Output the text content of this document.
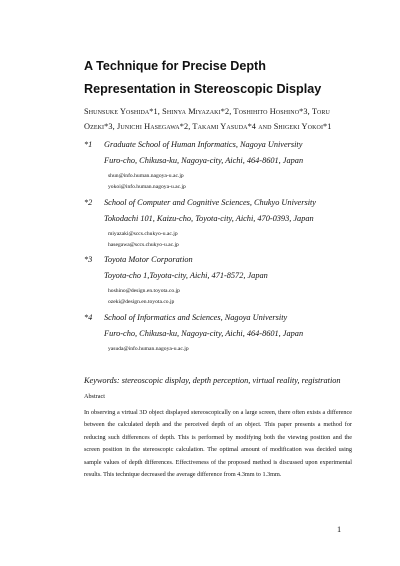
A Technique for Precise Depth
Representation in Stereoscopic Display
Shunsuke Yoshida*1, Shinya Miyazaki*2, Toshihito Hoshino*3, Toru
Ozeki*3, Junichi Hasegawa*2, Takami Yasuda*4 and Shigeki Yokoi*1
*1 Graduate School of Human Informatics, Nagoya University
Furo-cho, Chikusa-ku, Nagoya-city, Aichi, 464-8601, Japan
shun@info.human.nagoya-u.ac.jp
yokoi@info.human.nagoya-u.ac.jp
*2 School of Computer and Cognitive Sciences, Chukyo University
Tokodachi 101, Kaizu-cho, Toyota-city, Aichi, 470-0393, Japan
miyazaki@sccs.chukyo-u.ac.jp
hasegawa@sccs.chukyo-u.ac.jp
*3 Toyota Motor Corporation
Toyota-cho 1,Toyota-city, Aichi, 471-8572, Japan
hoshino@design.en.toyota.co.jp
ozeki@design.en.toyota.co.jp
*4 School of Informatics and Sciences, Nagoya University
Furo-cho, Chikusa-ku, Nagoya-city, Aichi, 464-8601, Japan
yasuda@info.human.nagoya-u.ac.jp
Keywords: stereoscopic display, depth perception, virtual reality, registration
Abstract
In observing a virtual 3D object displayed stereoscopically on a large screen, there often exists a difference between the calculated depth and the perceived depth of an object. This paper presents a method for reducing such differences of depth. This is performed by modifying both the viewing position and the screen position in the stereoscopic calculation. The optimal amount of modification was decided using sample values of depth differences. Effectiveness of the proposed method is discussed upon experimental results. This technique decreased the average difference from 4.3mm to 1.3mm.
1
